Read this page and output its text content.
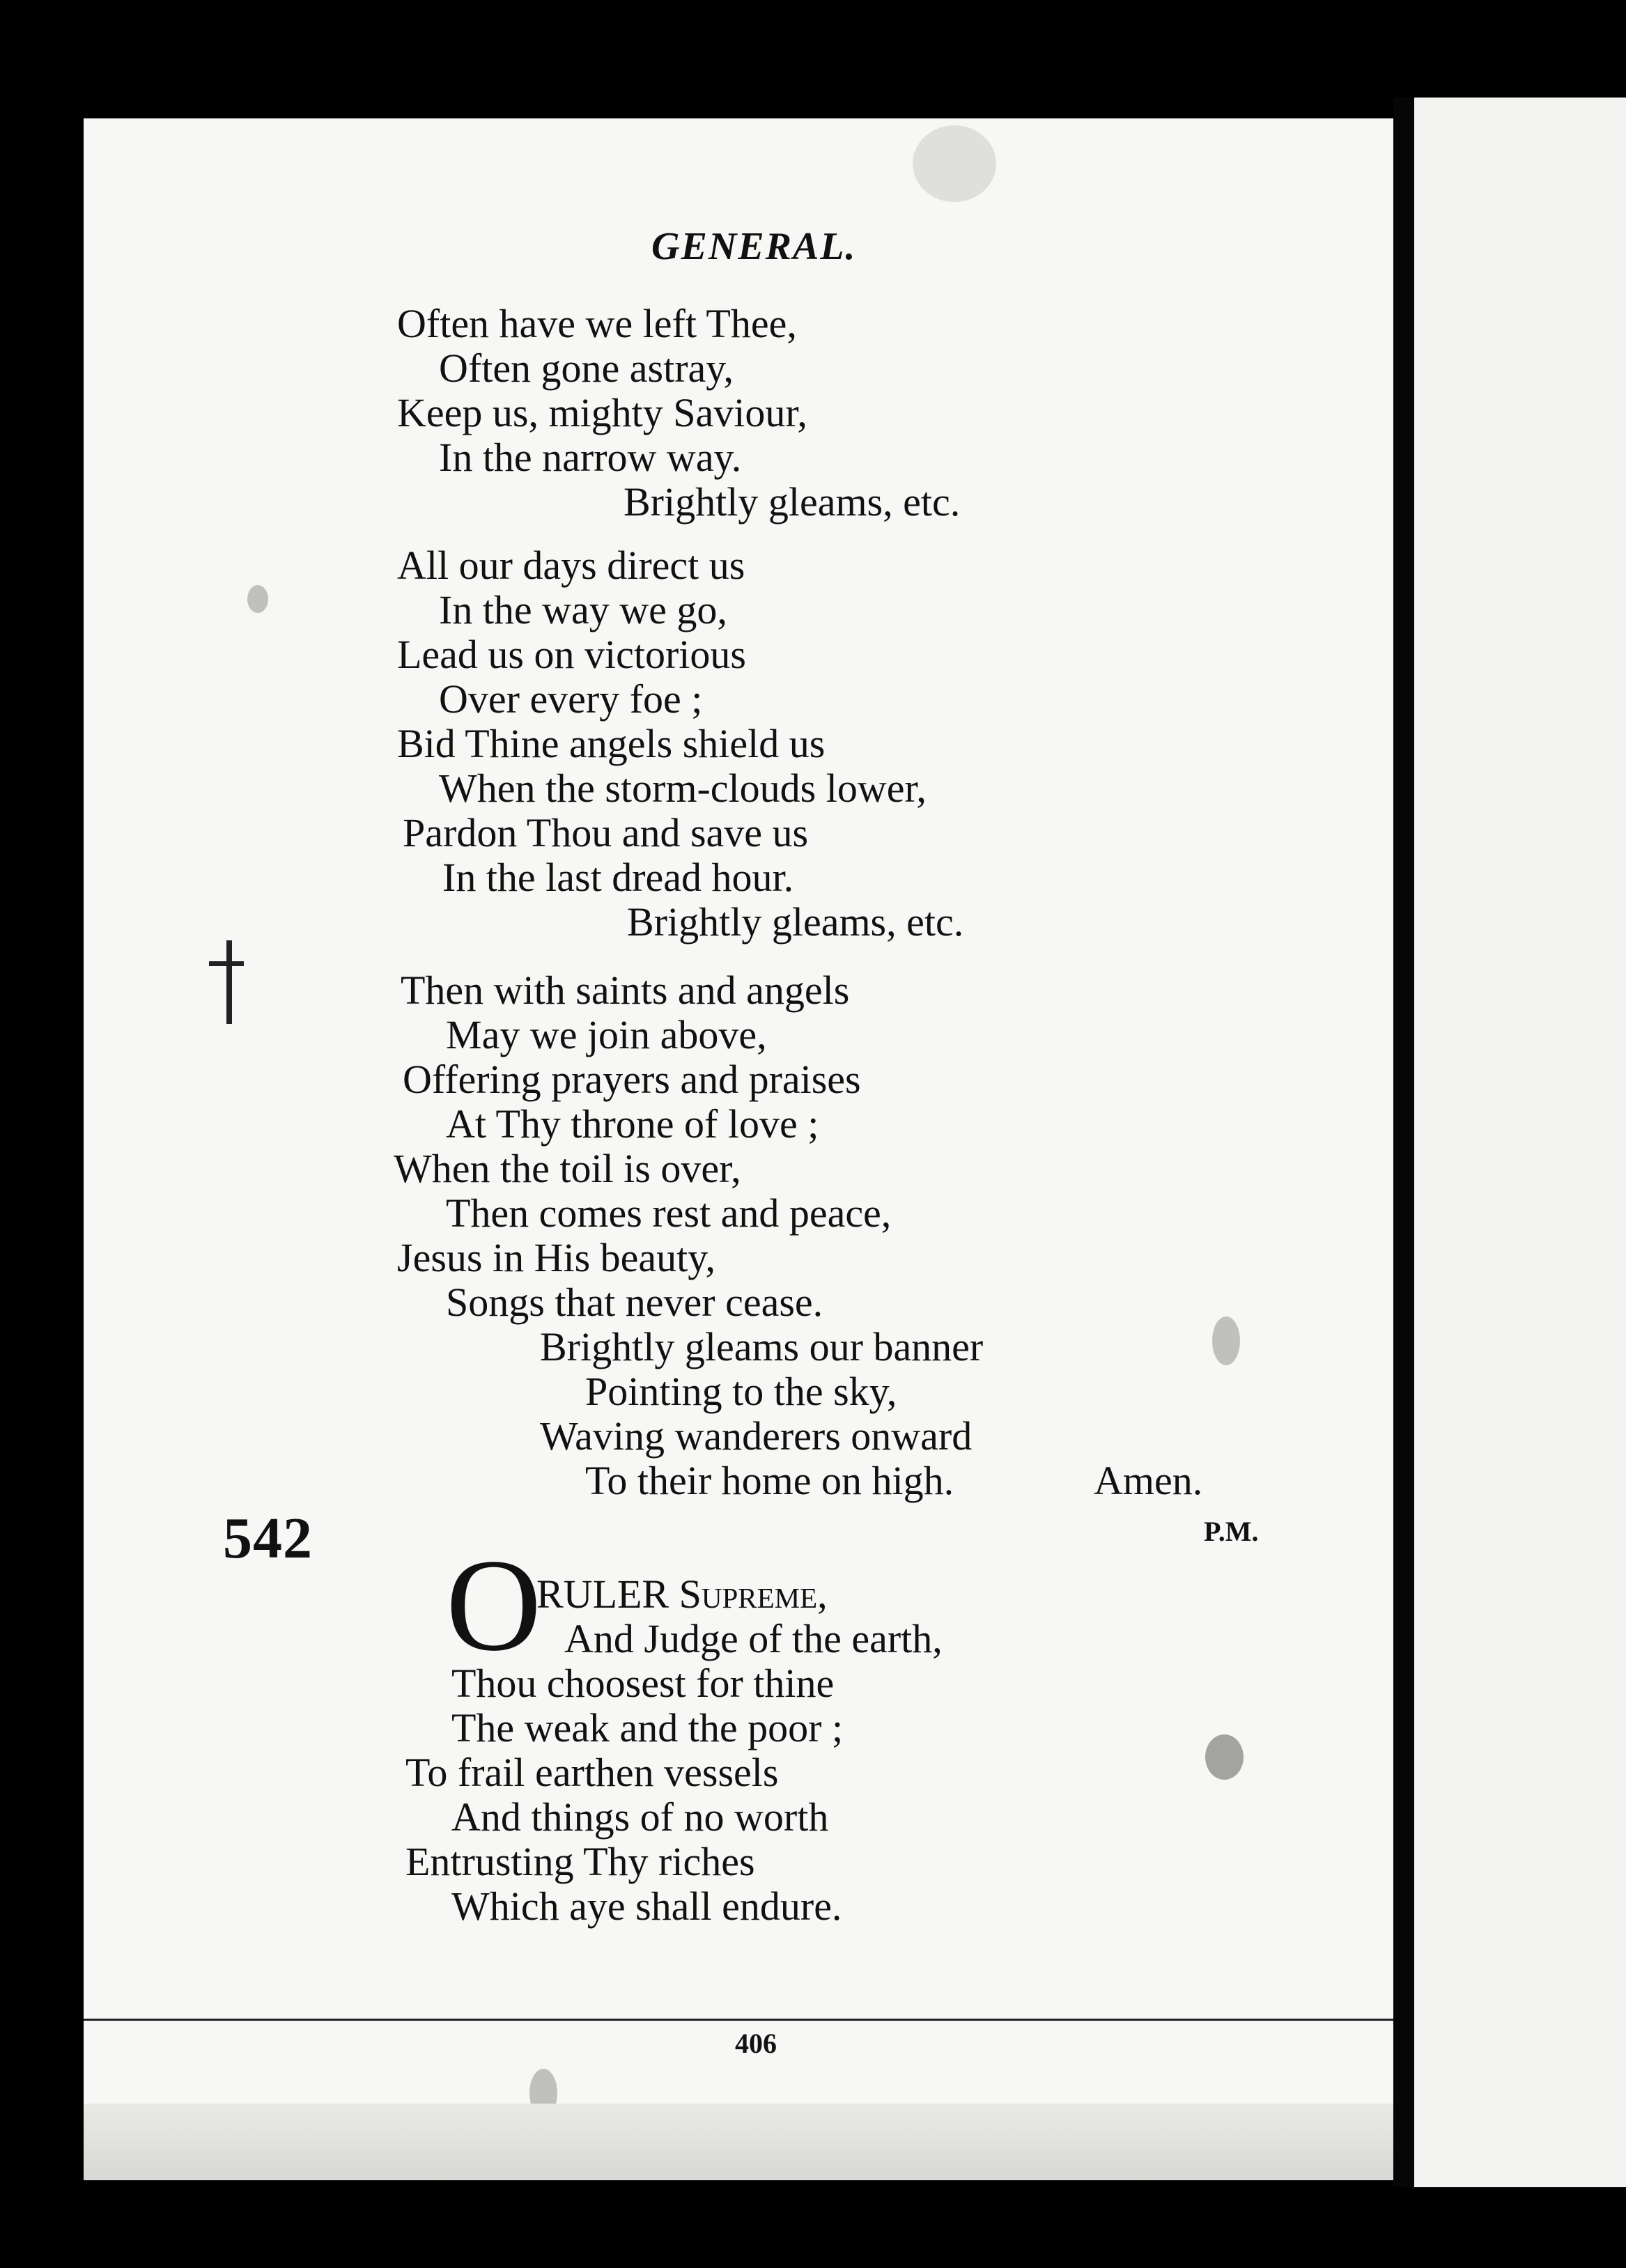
GENERAL.
Often have we left Thee,
Often gone astray,
Keep us, mighty Saviour,
In the narrow way.
Brightly gleams, etc.
All our days direct us
In the way we go,
Lead us on victorious
Over every foe ;
Bid Thine angels shield us
When the storm-clouds lower,
Pardon Thou and save us
In the last dread hour.
Brightly gleams, etc.
Then with saints and angels
May we join above,
Offering prayers and praises
At Thy throne of love ;
When the toil is over,
Then comes rest and peace,
Jesus in His beauty,
Songs that never cease.
Brightly gleams our banner
Pointing to the sky,
Waving wanderers onward
To their home on high.	Amen.
542	P.M.
O
RULER Supreme,
And Judge of the earth,
Thou choosest for thine
The weak and the poor ;
To frail earthen vessels
And things of no worth
Entrusting Thy riches
Which aye shall endure.
406
